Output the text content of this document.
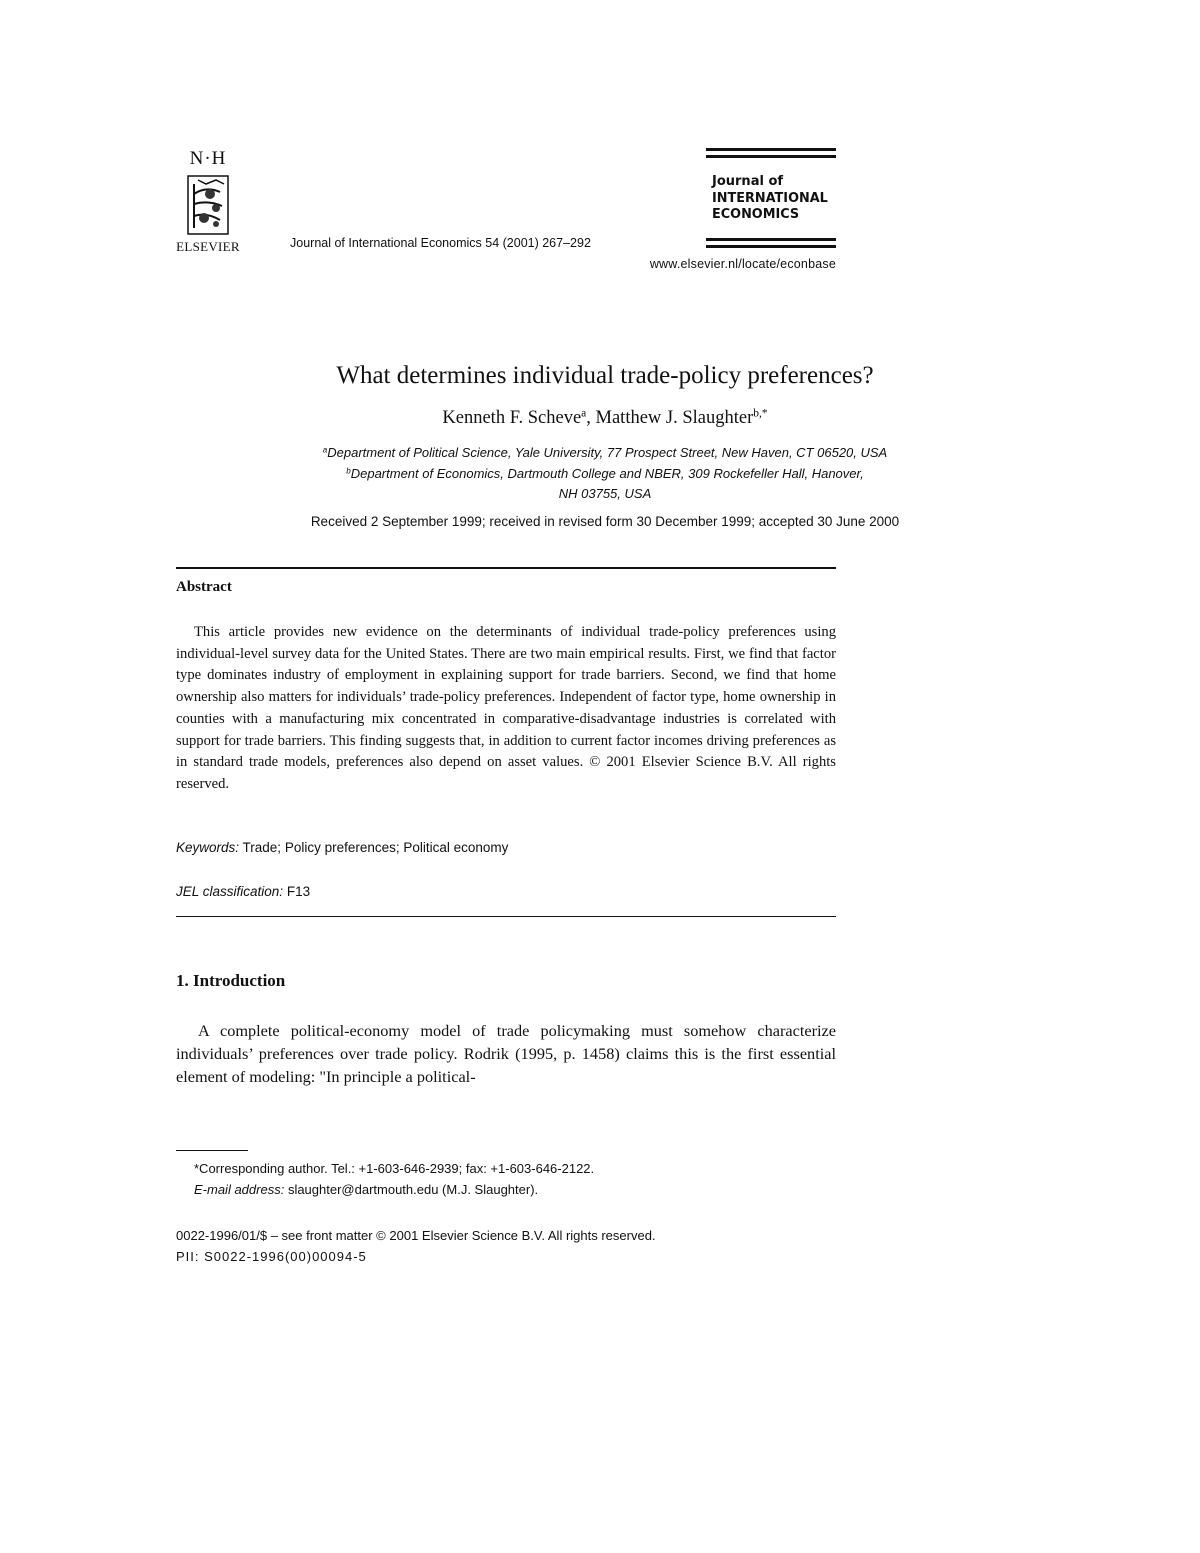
N·H
ELSEVIER	Journal of International Economics 54 (2001) 267–292
www.elsevier.nl/locate/econbase
Journal of
INTERNATIONAL
ECONOMICS
What determines individual trade-policy preferences?
Kenneth F. Scheve$^a$, Matthew J. Slaughter$^{b,*}$
$^a$Department of Political Science, Yale University, 77 Prospect Street, New Haven, CT 06520, USA
$^b$Department of Economics, Dartmouth College and NBER, 309 Rockefeller Hall, Hanover,
NH 03755, USA
Received 2 September 1999; received in revised form 30 December 1999; accepted 30 June 2000
Abstract
This article provides new evidence on the determinants of individual trade-policy preferences using individual-level survey data for the United States. There are two main empirical results. First, we find that factor type dominates industry of employment in explaining support for trade barriers. Second, we find that home ownership also matters for individuals’ trade-policy preferences. Independent of factor type, home ownership in counties with a manufacturing mix concentrated in comparative-disadvantage industries is correlated with support for trade barriers. This finding suggests that, in addition to current factor incomes driving preferences as in standard trade models, preferences also depend on asset values. © 2001 Elsevier Science B.V. All rights reserved.
Keywords: Trade; Policy preferences; Political economy
JEL classification: F13
1. Introduction
A complete political-economy model of trade policymaking must somehow characterize individuals’ preferences over trade policy. Rodrik (1995, p. 1458) claims this is the first essential element of modeling: "In principle a political-
*Corresponding author. Tel.: +1-603-646-2939; fax: +1-603-646-2122.
E-mail address: slaughter@dartmouth.edu (M.J. Slaughter).
0022-1996/01/$ – see front matter © 2001 Elsevier Science B.V. All rights reserved.
PII: S0022-1996(00)00094-5
